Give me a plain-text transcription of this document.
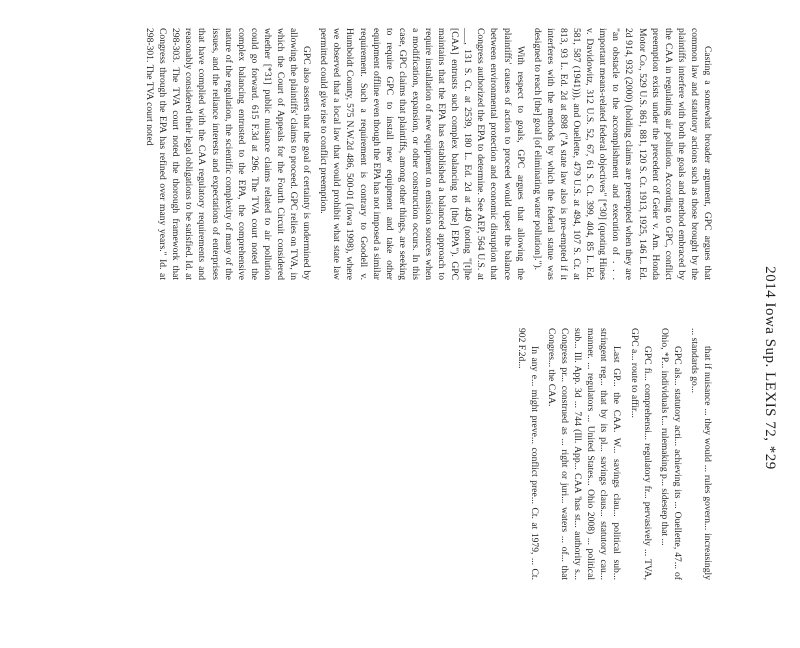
2014 Iowa Sup. LEXIS 72, *29

Casting a somewhat broader argument, GPC argues that common law and statutory actions such as those brought by the plaintiffs interfere with both the goals and method embraced by the CAA in regulating air pollution. According to GPC, conflict preemption exists under the precedent of Geier v. Am. Honda Motor Co., 529 U.S. 861, 881, 120 S. Ct. 1913, 1925, 146 L. Ed. 2d 914, 932 (2000) (holding claims are preempted when they are "an obstacle to the accomplishment and execution of . . . important means-related federal objectives" [*30] (quoting Hines v. Davidowitz, 312 U.S. 52, 67, 61 S. Ct. 399, 404, 85 L. Ed. 581, 587 (1941))), and Ouellette, 479 U.S. at 494, 107 S. Ct. at 813, 93 L. Ed. 2d at 898 ("A state law also is pre-empted if it interferes with the methods by which the federal statue was designed to reach [the] goal [of eliminating water pollution].").

With respect to goals, GPC argues that allowing the plaintiffs' causes of action to proceed would upset the balance between environmental protection and economic disruption that Congress authorized the EPA to determine. See AEP, 564 U.S. at ___, 131 S. Ct. at 2539, 180 L. Ed. 2d at 449 (noting "[t]he [CAA] entrusts such complex balancing to [the] EPA"). GPC maintains that the EPA has established a balanced approach to require installation of new equipment on emission sources when a modification, expansion, or other construction occurs. In this case, GPC claims that plaintiffs, among other things, are seeking to require GPC to install new equipment and take other equipment offline even though the EPA has not imposed a similar requirement. Such a requirement is contrary to Goodell v. Humboldt County, 575 N.W.2d 486, 500-01 (Iowa 1998), where we observed that a local law that would prohibit what state law permitted could give rise to conflict preemption.

GPC also asserts that the goal of certainty is undermined by allowing the plaintiffs' claims to proceed. GPC relies on TVA, in which the Court of Appeals for the Fourth Circuit considered whether [*31] public nuisance claims related to air pollution could go forward. 615 F.3d at 296. The TVA court noted the complex balancing entrusted to the EPA, the comprehensive nature of the regulation, the scientific complexity of many of the issues, and the reliance interests and expectations of enterprises that have complied with the CAA regulatory requirements and reasonably considered their legal obligations to be satisfied. Id. at 298-303. The TVA court noted the thorough framework that Congress through the EPA has refined over many years." Id. at 298-301. The TVA court noted

that if nuisance ... they would ... rules govern... increasingly ... standards go...

GPC als... statutory acti... achieving its ... Ouellette, 47... of Ohio, *P... individuals t... rulemaking p... sidestep that ...

GPC fi... comprehensi... regulatory fr... pervasively ... TVA, GPC a... route to affir...

Last GP... the CAA. W... savings clau... political sub... stringent reg... that by its pl... savings claus... statutory cau... manner. ... regulators ... United States... Ohio 2008) ... political sub... Ill. App. 3d ... 744 (Ill. App... CAA 'has st... authority s... Congress pr... construed as ... right or juri... waters ... of... that Congres... the CAA.

In any e... might preve... conflict pree... Ct. at 1979, ... Ct. 902 F.2d...
